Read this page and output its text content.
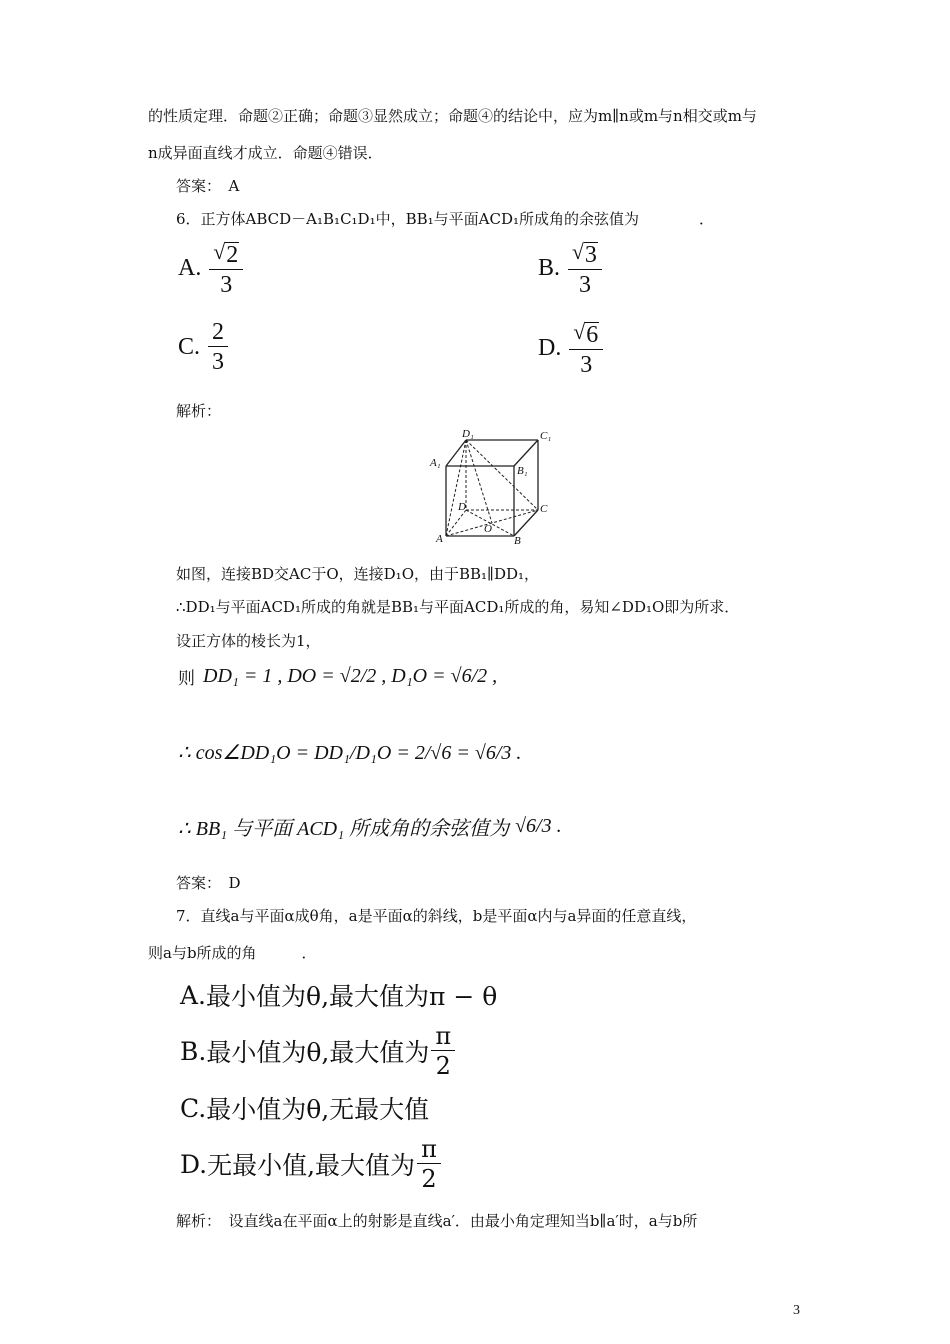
的性质定理．命题②正确；命题③显然成立；命题④的结论中，应为m∥n或m与n相交或m与
n成异面直线才成立．命题④错误．
答案：　A
6．正方体ABCD－A₁B₁C₁D₁中，BB₁与平面ACD₁所成角的余弦值为　　　　．
A. $\frac{√ 2}{3}$	B. $\frac{√ 3}{3}$
C. $\frac{2}{3}$	D. $\frac{√ 6}{3}$
解析：
D₁	C₁
A₁
B₁
D	C
A
O
B
如图，连接BD交AC于O，连接D₁O，由于BB₁∥DD₁，
∴DD₁与平面ACD₁所成的角就是BB₁与平面ACD₁所成的角，易知∠DD₁O即为所求．
设正方体的棱长为1，
则 DD₁ = 1 , DO = √2/2 , D₁O = √6/2 ,
∴ cos∠DD₁O = DD₁/D₁O = 2/√6 = √6/3 .
∴ BB₁ 与平面 ACD₁ 所成角的余弦值为 √6/3 .
答案：　D
7．直线a与平面α成θ角，a是平面α的斜线，b是平面α内与a异面的任意直线，
则a与b所成的角　　　．
A. 最小值为θ,最大值为π − θ
B. 最小值为θ,最大值为 $\frac{\pi}{2}$
C. 最小值为θ,无最大值
D. 无最小值,最大值为 $\frac{\pi}{2}$
解析：　设直线a在平面α上的射影是直线a′．由最小角定理知当b∥a′时，a与b所
3
